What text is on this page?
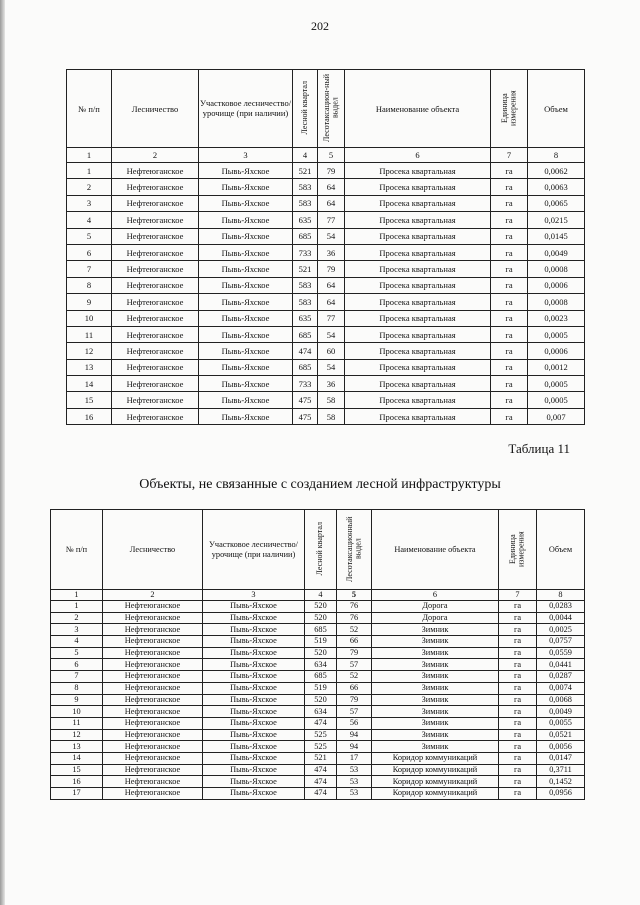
202
№ п/п	Лесничество	Участковое лесничество/урочище (при наличии)	Лесной квартал	Лесотаксацион-ный выдел	Наименование объекта	Единица измерения	Объем
1	2	3	4	5	6	7	8
1	Нефтеюганское	Пывь-Яхское	521	79	Просека квартальная	га	0,0062
2	Нефтеюганское	Пывь-Яхское	583	64	Просека квартальная	га	0,0063
3	Нефтеюганское	Пывь-Яхское	583	64	Просека квартальная	га	0,0065
4	Нефтеюганское	Пывь-Яхское	635	77	Просека квартальная	га	0,0215
5	Нефтеюганское	Пывь-Яхское	685	54	Просека квартальная	га	0,0145
6	Нефтеюганское	Пывь-Яхское	733	36	Просека квартальная	га	0,0049
7	Нефтеюганское	Пывь-Яхское	521	79	Просека квартальная	га	0,0008
8	Нефтеюганское	Пывь-Яхское	583	64	Просека квартальная	га	0,0006
9	Нефтеюганское	Пывь-Яхское	583	64	Просека квартальная	га	0,0008
10	Нефтеюганское	Пывь-Яхское	635	77	Просека квартальная	га	0,0023
11	Нефтеюганское	Пывь-Яхское	685	54	Просека квартальная	га	0,0005
12	Нефтеюганское	Пывь-Яхское	474	60	Просека квартальная	га	0,0006
13	Нефтеюганское	Пывь-Яхское	685	54	Просека квартальная	га	0,0012
14	Нефтеюганское	Пывь-Яхское	733	36	Просека квартальная	га	0,0005
15	Нефтеюганское	Пывь-Яхское	475	58	Просека квартальная	га	0,0005
16	Нефтеюганское	Пывь-Яхское	475	58	Просека квартальная	га	0,007
Таблица 11
Объекты, не связанные с созданием лесной инфраструктуры
№ п/п	Лесничество	Участковое лесничество/урочище (при наличии)	Лесной квартал	Лесотаксационный выдел	Наименование объекта	Единица измерения	Объем
1	2	3	4	5	6	7	8
1	Нефтеюганское	Пывь-Яхское	520	76	Дорога	га	0,0283
2	Нефтеюганское	Пывь-Яхское	520	76	Дорога	га	0,0044
3	Нефтеюганское	Пывь-Яхское	685	52	Зимник	га	0,0025
4	Нефтеюганское	Пывь-Яхское	519	66	Зимник	га	0,0757
5	Нефтеюганское	Пывь-Яхское	520	79	Зимник	га	0,0559
6	Нефтеюганское	Пывь-Яхское	634	57	Зимник	га	0,0441
7	Нефтеюганское	Пывь-Яхское	685	52	Зимник	га	0,0287
8	Нефтеюганское	Пывь-Яхское	519	66	Зимник	га	0,0074
9	Нефтеюганское	Пывь-Яхское	520	79	Зимник	га	0,0068
10	Нефтеюганское	Пывь-Яхское	634	57	Зимник	га	0,0049
11	Нефтеюганское	Пывь-Яхское	474	56	Зимник	га	0,0055
12	Нефтеюганское	Пывь-Яхское	525	94	Зимник	га	0,0521
13	Нефтеюганское	Пывь-Яхское	525	94	Зимник	га	0,0056
14	Нефтеюганское	Пывь-Яхское	521	17	Коридор коммуникаций	га	0,0147
15	Нефтеюганское	Пывь-Яхское	474	53	Коридор коммуникаций	га	0,3711
16	Нефтеюганское	Пывь-Яхское	474	53	Коридор коммуникаций	га	0,1452
17	Нефтеюганское	Пывь-Яхское	474	53	Коридор коммуникаций	га	0,0956
